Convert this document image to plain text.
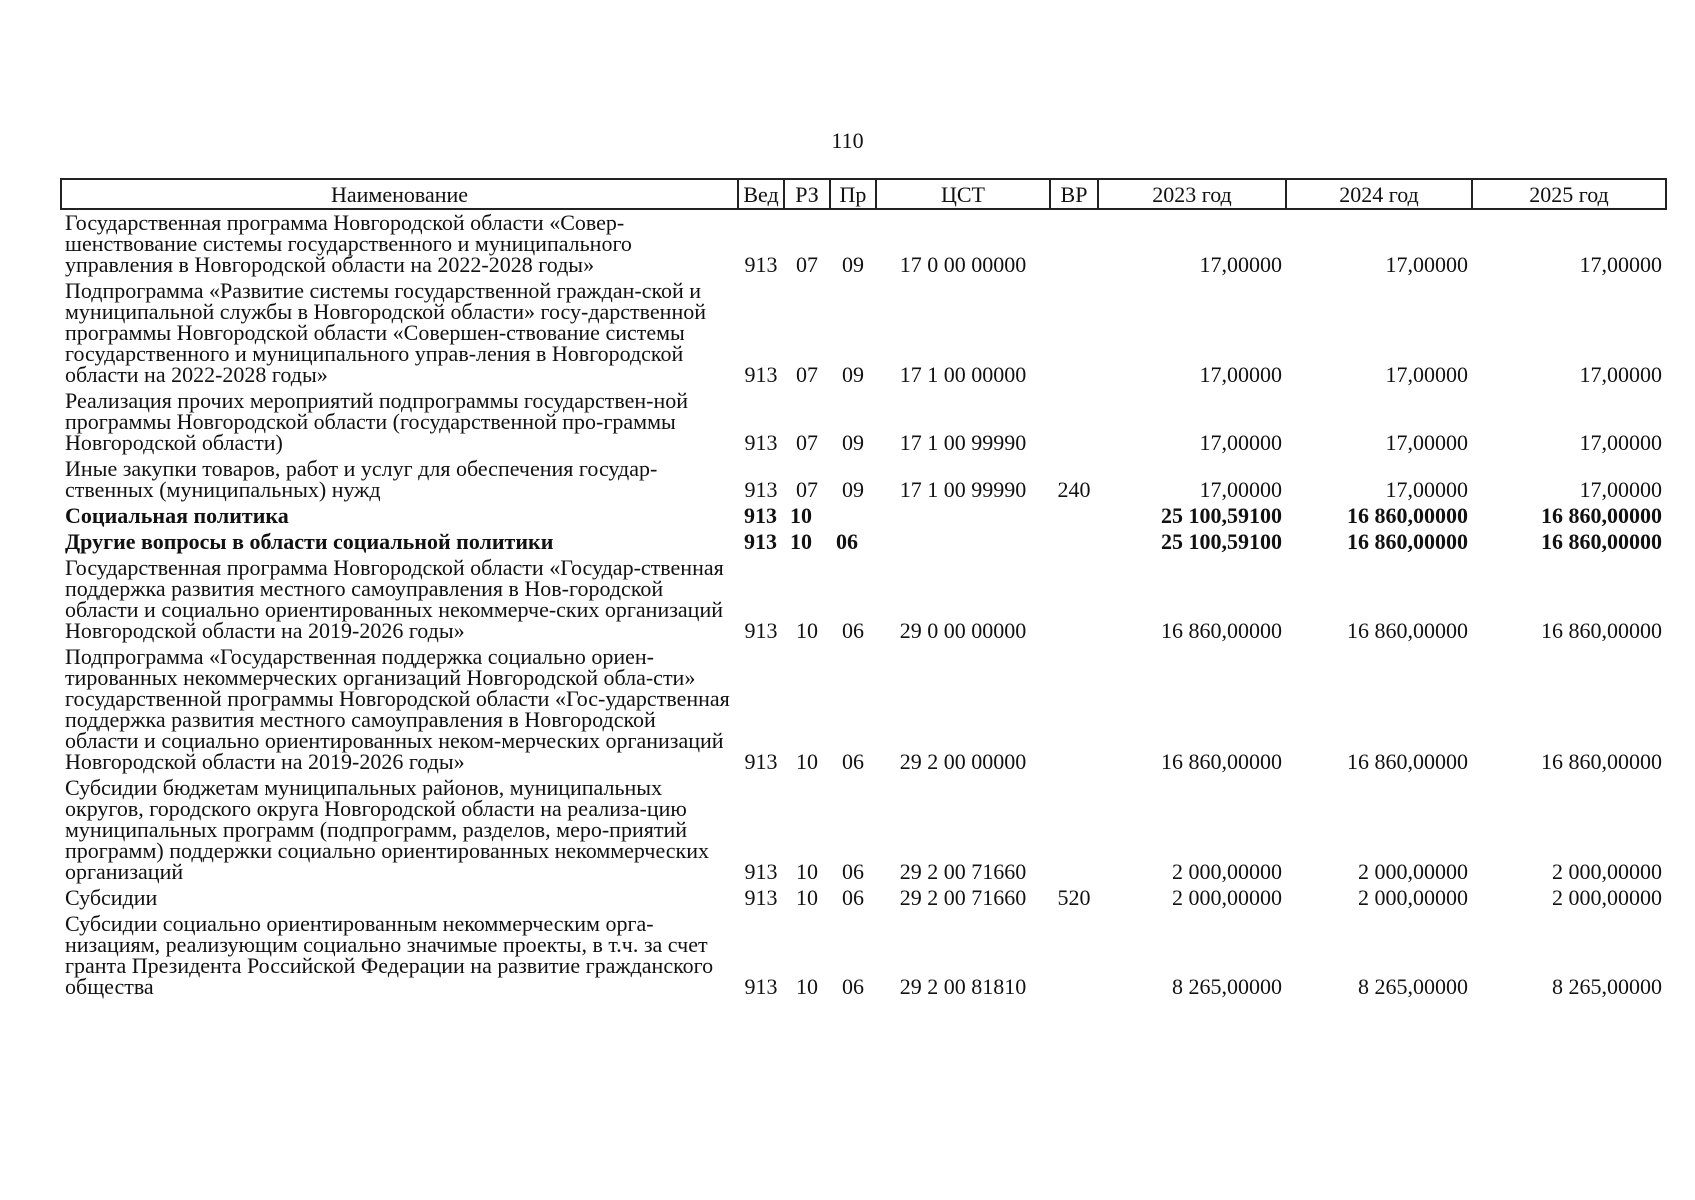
110
Наименование	Вед	РЗ	Пр	ЦСТ	ВР	2023 год	2024 год	2025 год
Государственная программа Новгородской области «Совер-шенствование системы государственного и муниципального управления в Новгородской области на 2022-2028 годы»	913	07	09	17 0 00 00000		17,00000	17,00000	17,00000
Подпрограмма «Развитие системы государственной граждан-ской и муниципальной службы в Новгородской области» госу-дарственной программы Новгородской области «Совершен-ствование системы государственного и муниципального управ-ления в Новгородской области на 2022-2028 годы»	913	07	09	17 1 00 00000		17,00000	17,00000	17,00000
Реализация прочих мероприятий подпрограммы государствен-ной программы Новгородской области (государственной про-граммы Новгородской области)	913	07	09	17 1 00 99990		17,00000	17,00000	17,00000
Иные закупки товаров, работ и услуг для обеспечения государ-ственных (муниципальных) нужд	913	07	09	17 1 00 99990	240	17,00000	17,00000	17,00000
Социальная политика	913	10				25 100,59100	16 860,00000	16 860,00000
Другие вопросы в области социальной политики	913	10	06			25 100,59100	16 860,00000	16 860,00000
Государственная программа Новгородской области «Государ-ственная поддержка развития местного самоуправления в Нов-городской области и социально ориентированных некоммерче-ских организаций Новгородской области на 2019-2026 годы»	913	10	06	29 0 00 00000		16 860,00000	16 860,00000	16 860,00000
Подпрограмма «Государственная поддержка социально ориен-тированных некоммерческих организаций Новгородской обла-сти» государственной программы Новгородской области «Гос-ударственная поддержка развития местного самоуправления в Новгородской области и социально ориентированных неком-мерческих организаций Новгородской области на 2019-2026 годы»	913	10	06	29 2 00 00000		16 860,00000	16 860,00000	16 860,00000
Субсидии бюджетам муниципальных районов, муниципальных округов, городского округа Новгородской области на реализа-цию муниципальных программ (подпрограмм, разделов, меро-приятий программ) поддержки социально ориентированных некоммерческих организаций	913	10	06	29 2 00 71660		2 000,00000	2 000,00000	2 000,00000
Субсидии	913	10	06	29 2 00 71660	520	2 000,00000	2 000,00000	2 000,00000
Субсидии социально ориентированным некоммерческим орга-низациям, реализующим социально значимые проекты, в т.ч. за счет гранта Президента Российской Федерации на развитие гражданского общества	913	10	06	29 2 00 81810		8 265,00000	8 265,00000	8 265,00000
